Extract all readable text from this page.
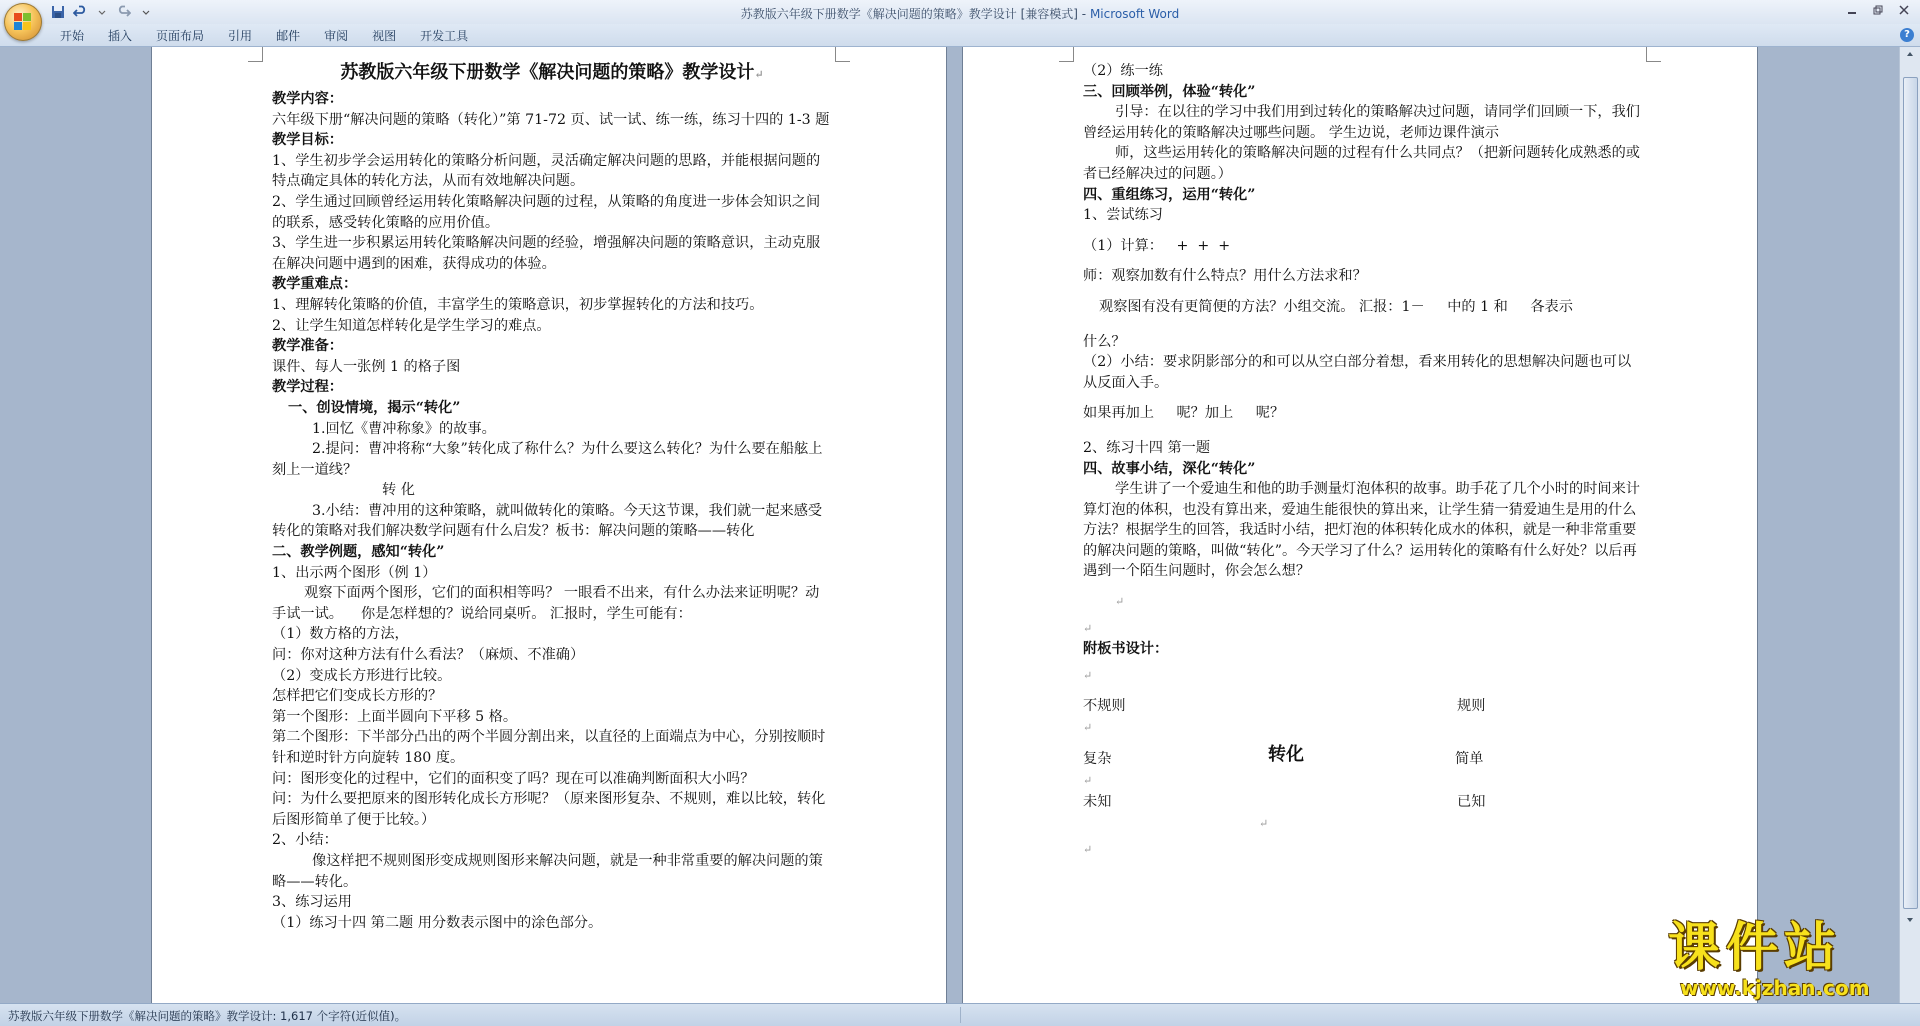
苏教版六年级下册数学《解决问题的策略》教学设计 [兼容模式] - Microsoft Word
开始	插入	页面布局	引用	邮件	审阅	视图	开发工具	?

苏教版六年级下册数学《解决问题的策略》教学设计↵

教学内容：

六年级下册“解决问题的策略（转化）”第 71-72 页、试一试、练一练，练习十四的 1-3 题

教学目标：

1、学生初步学会运用转化的策略分析问题，灵活确定解决问题的思路，并能根据问题的特点确定具体的转化方法，从而有效地解决问题。

2、学生通过回顾曾经运用转化策略解决问题的过程，从策略的角度进一步体会知识之间的联系，感受转化策略的应用价值。

3、学生进一步积累运用转化策略解决问题的经验，增强解决问题的策略意识，主动克服在解决问题中遇到的困难，获得成功的体验。

教学重难点：

1、理解转化策略的价值，丰富学生的策略意识，初步掌握转化的方法和技巧。

2、让学生知道怎样转化是学生学习的难点。

教学准备：

课件、每人一张例 1 的格子图

教学过程：

一、创设情境，揭示“转化”

1.回忆《曹冲称象》的故事。

2.提问：曹冲将称“大象”转化成了称什么？为什么要这么转化？为什么要在船舷上刻上一道线？

转 化

3.小结：曹冲用的这种策略，就叫做转化的策略。今天这节课，我们就一起来感受转化的策略对我们解决数学问题有什么启发？板书：解决问题的策略——转化

二、教学例题，感知“转化”

1、出示两个图形（例 1）

观察下面两个图形，它们的面积相等吗？ 一眼看不出来，有什么办法来证明呢？动手试一试。    你是怎样想的？说给同桌听。 汇报时，学生可能有：

（1）数方格的方法，

问：你对这种方法有什么看法？（麻烦、不准确）

（2）变成长方形进行比较。

怎样把它们变成长方形的？

第一个图形：上面半圆向下平移 5 格。

第二个图形：下半部分凸出的两个半圆分割出来，以直径的上面端点为中心，分别按顺时针和逆时针方向旋转 180 度。

问：图形变化的过程中，它们的面积变了吗？现在可以准确判断面积大小吗？

问：为什么要把原来的图形转化成长方形呢？（原来图形复杂、不规则，难以比较，转化后图形简单了便于比较。）

2、小结：

像这样把不规则图形变成规则图形来解决问题，就是一种非常重要的解决问题的策略——转化。

3、练习运用

（1）练习十四 第二题 用分数表示图中的涂色部分。

（2）练一练

三、回顾举例，体验“转化”

引导：在以往的学习中我们用到过转化的策略解决过问题，请同学们回顾一下，我们曾经运用转化的策略解决过哪些问题。 学生边说，老师边课件演示

师，这些运用转化的策略解决问题的过程有什么共同点？（把新问题转化成熟悉的或者已经解决过的问题。）

四、重组练习，运用“转化”

1、尝试练习

（1）计算：   +  +  +

师：观察加数有什么特点？用什么方法求和？

观察图有没有更简便的方法？小组交流。 汇报：1－     中的 1 和     各表示

什么？

（2）小结：要求阴影部分的和可以从空白部分着想，看来用转化的思想解决问题也可以从反面入手。

如果再加上     呢？加上     呢？

2、练习十四 第一题

四、故事小结，深化“转化”

学生讲了一个爱迪生和他的助手测量灯泡体积的故事。助手花了几个小时的时间来计算灯泡的体积，也没有算出来，爱迪生能很快的算出来，让学生猜一猜爱迪生是用的什么方法？根据学生的回答，我适时小结，把灯泡的体积转化成水的体积，就是一种非常重要的解决问题的策略，叫做“转化”。今天学习了什么？运用转化的策略有什么好处？以后再遇到一个陌生问题时，你会怎么想？

↵

↵

附板书设计：

↵

不规则	规则

↵

复杂	转化	简单

↵

未知	已知

↵

↵

苏教版六年级下册数学《解决问题的策略》教学设计: 1,617 个字符(近似值)。
课件站
www.kjzhan.com
